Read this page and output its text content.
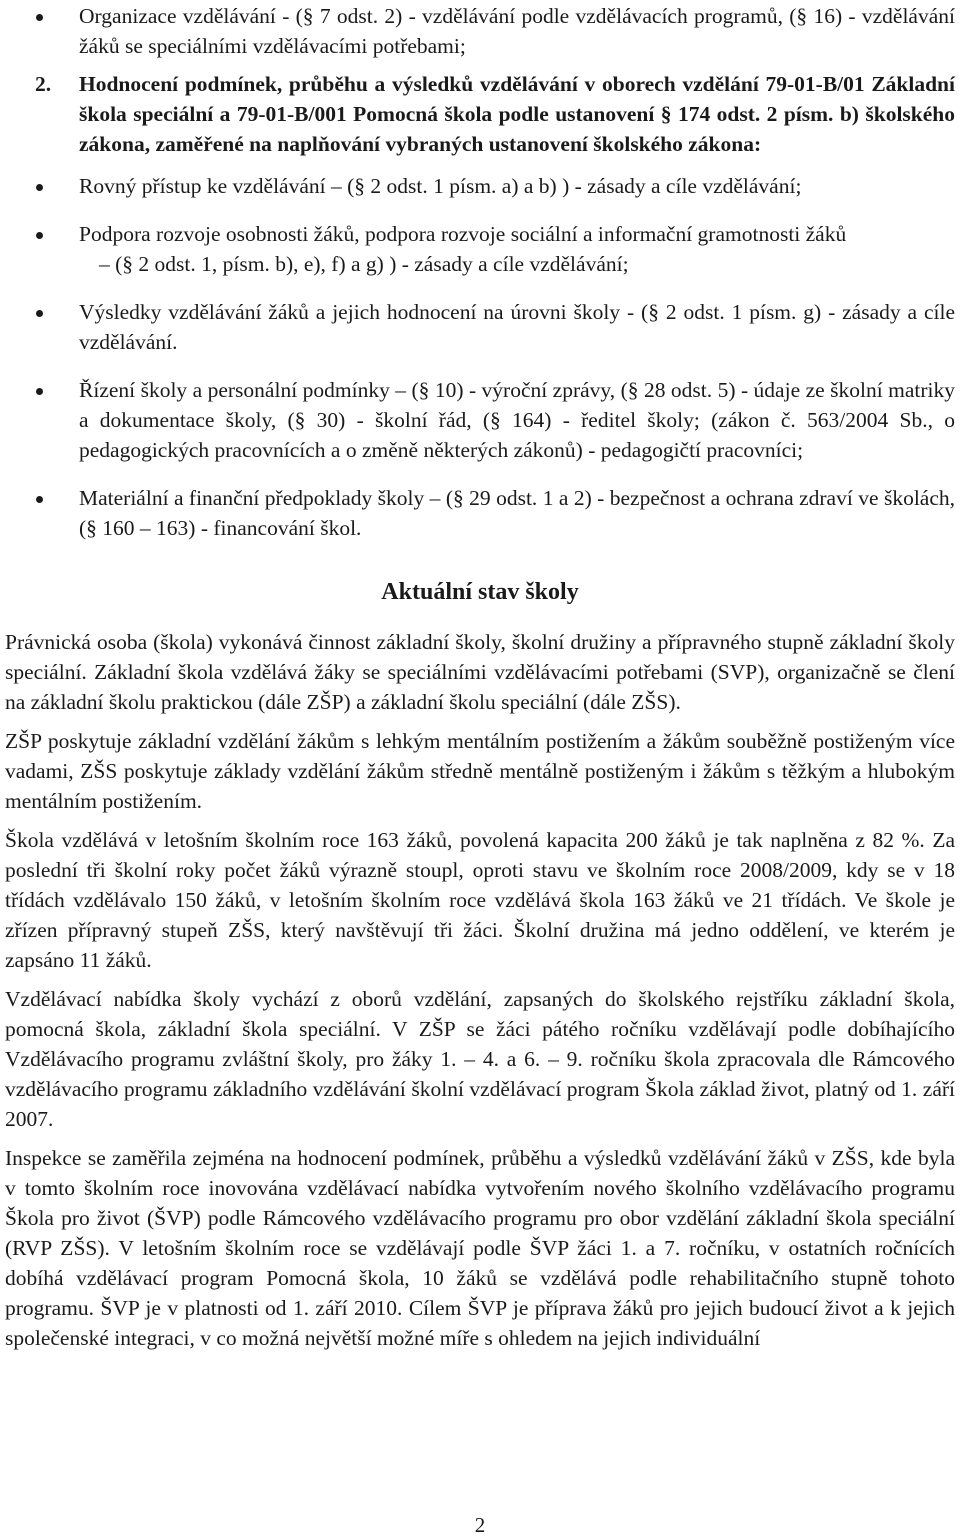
Organizace vzdělávání - (§ 7 odst. 2) - vzdělávání podle vzdělávacích programů, (§ 16) - vzdělávání žáků se speciálními vzdělávacími potřebami;
2. Hodnocení podmínek, průběhu a výsledků vzdělávání v oborech vzdělání 79-01-B/01 Základní škola speciální a 79-01-B/001 Pomocná škola podle ustanovení § 174 odst. 2 písm. b) školského zákona, zaměřené na naplňování vybraných ustanovení školského zákona:
Rovný přístup ke vzdělávání – (§ 2 odst. 1 písm. a) a b) ) - zásady a cíle vzdělávání;
Podpora rozvoje osobnosti žáků, podpora rozvoje sociální a informační gramotnosti žáků
– (§ 2 odst. 1, písm. b), e), f) a g) ) - zásady a cíle vzdělávání;
Výsledky vzdělávání žáků a jejich hodnocení na úrovni školy - (§ 2 odst. 1 písm. g) - zásady a cíle vzdělávání.
Řízení školy a personální podmínky – (§ 10) - výroční zprávy, (§ 28 odst. 5) - údaje ze školní matriky a dokumentace školy, (§ 30) - školní řád, (§ 164) - ředitel školy; (zákon č. 563/2004 Sb., o pedagogických pracovnících a o změně některých zákonů) - pedagogičtí pracovníci;
Materiální a finanční předpoklady školy – (§ 29 odst. 1 a 2) - bezpečnost a ochrana zdraví ve školách, (§ 160 – 163) - financování škol.
Aktuální stav školy

Právnická osoba (škola) vykonává činnost základní školy, školní družiny a přípravného stupně základní školy speciální. Základní škola vzdělává žáky se speciálními vzdělávacími potřebami (SVP), organizačně se člení na základní školu praktickou (dále ZŠP) a základní školu speciální (dále ZŠS).

ZŠP poskytuje základní vzdělání žákům s lehkým mentálním postižením a žákům souběžně postiženým více vadami, ZŠS poskytuje základy vzdělání žákům středně mentálně postiženým i žákům s těžkým a hlubokým mentálním postižením.

Škola vzdělává v letošním školním roce 163 žáků, povolená kapacita 200 žáků je tak naplněna z 82 %. Za poslední tři školní roky počet žáků výrazně stoupl, oproti stavu ve školním roce 2008/2009, kdy se v 18 třídách vzdělávalo 150 žáků, v letošním školním roce vzdělává škola 163 žáků ve 21 třídách. Ve škole je zřízen přípravný stupeň ZŠS, který navštěvují tři žáci. Školní družina má jedno oddělení, ve kterém je zapsáno 11 žáků.

Vzdělávací nabídka školy vychází z oborů vzdělání, zapsaných do školského rejstříku základní škola, pomocná škola, základní škola speciální. V ZŠP se žáci pátého ročníku vzdělávají podle dobíhajícího Vzdělávacího programu zvláštní školy, pro žáky 1. – 4. a 6. – 9. ročníku škola zpracovala dle Rámcového vzdělávacího programu základního vzdělávání školní vzdělávací program Škola základ život, platný od 1. září 2007.

Inspekce se zaměřila zejména na hodnocení podmínek, průběhu a výsledků vzdělávání žáků v ZŠS, kde byla v tomto školním roce inovována vzdělávací nabídka vytvořením nového školního vzdělávacího programu Škola pro život (ŠVP) podle Rámcového vzdělávacího programu pro obor vzdělání základní škola speciální (RVP ZŠS). V letošním školním roce se vzdělávají podle ŠVP žáci 1. a 7. ročníku, v ostatních ročnících dobíhá vzdělávací program Pomocná škola, 10 žáků se vzdělává podle rehabilitačního stupně tohoto programu. ŠVP je v platnosti od 1. září 2010. Cílem ŠVP je příprava žáků pro jejich budoucí život a k jejich společenské integraci, v co možná největší možné míře s ohledem na jejich individuální

2
